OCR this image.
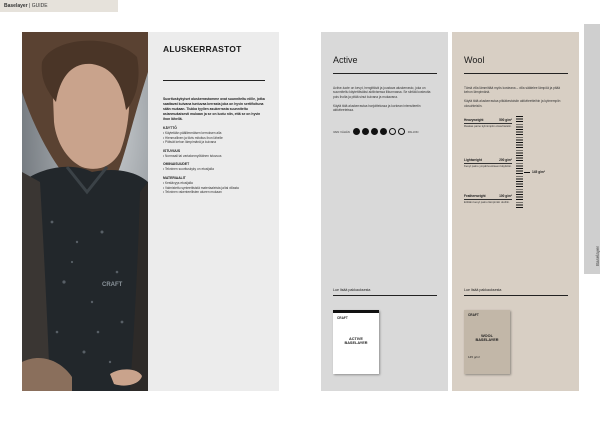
Baselayer | GUIDE
Baselayer
CRAFT
ALUSKERRASTOT

Suorituskykyiset aluskerrastomme ovat suunniteltu niille, jotka saattavat kuivana tuntuvaa kerrasta joka on hyvin sertifioituna sään mukaan. Tiukka tyylien asukerrasta suunniteltu asianmukaisesti mukaan ja se on luotu niin, että se on hyvin ihon lähellä.

KÄYTTÖ
• Käytetään päällimmäisen kerroksen alla
• Hienmallinen ja tiivis mitoitus ihon lähelle
• Pitävät kehon lämpimänä ja kuivana
ISTUVUUS
• Normaali tai vartalonmyötäinen istuvuus
OMINAISUUDET
• Tekninen suorituskyky on etusijalla
MATERIAALIT
• Kestävyys etusijalla
• Valmistettu synteettisistä materiaaleista ja/tai villasta
• Tekninen rakenteellisten alueen mukaan
Active

Active-tuote on kevyt, hengittävä ja joustava aluskerrasto, joka on suunniteltu käytettäväksi aktiivisessa liikunnassa. Se siirtää kosteutta pois iholta ja pitää sinut kuivana ja mukavana.

Käytä tätä aluskerrastoa harjoittelussa ja korkean intensiteetin aktiviteeteissa.

VAIN VÄHÄN	PALJON
Lue lisää pakkauksesta
CRAFT
ACTIVE
BASELAYER
Wool

Tämä villa lämmittää myös kosteana – villa säätelee lämpöä ja pitää kehon lämpimänä.

Käytä tätä aluskerrastoa pitkäkestoisiin aktiviteetteihin ja kylmempiin olosuhteisiin.

Heavyweight	500 g/m²
Raskas paino kylmimpiin olosuhteisiin.
Lightweight	200 g/m²
Kevyt paino ympärivuotiseen käyttöön.
Featherweight	100 g/m²
Erittäin kevyt paino lämpimiin oloihin.
145 g/m²
Lue lisää pakkauksesta
CRAFT
WOOL
BASELAYER
145 g/m²
